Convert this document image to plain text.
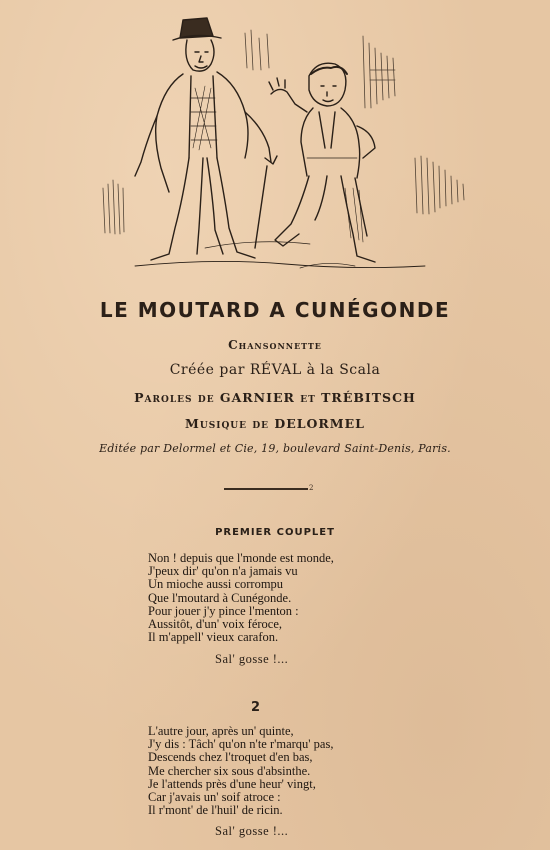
LE MOUTARD A CUNÉGONDE
Chansonnette
Créée par RÉVAL à la Scala
Paroles de GARNIER et TRÉBITSCH
Musique de DELORMEL
Editée par Delormel et Cie, 19, boulevard Saint-Denis, Paris.
2
PREMIER COUPLET
Non ! depuis que l'monde est monde,
J'peux dir' qu'on n'a jamais vu
Un mioche aussi corrompu
Que l'moutard à Cunégonde.
Pour jouer j'y pince l'menton :
Aussitôt, d'un' voix féroce,
Il m'appell' vieux carafon.
Sal' gosse !...
2
L'autre jour, après un' quinte,
J'y dis : Tâch' qu'on n'te r'marqu' pas,
Descends chez l'troquet d'en bas,
Me chercher six sous d'absinthe.
Je l'attends près d'une heur' vingt,
Car j'avais un' soif atroce :
Il r'mont' de l'huil' de ricin.
Sal' gosse !...
